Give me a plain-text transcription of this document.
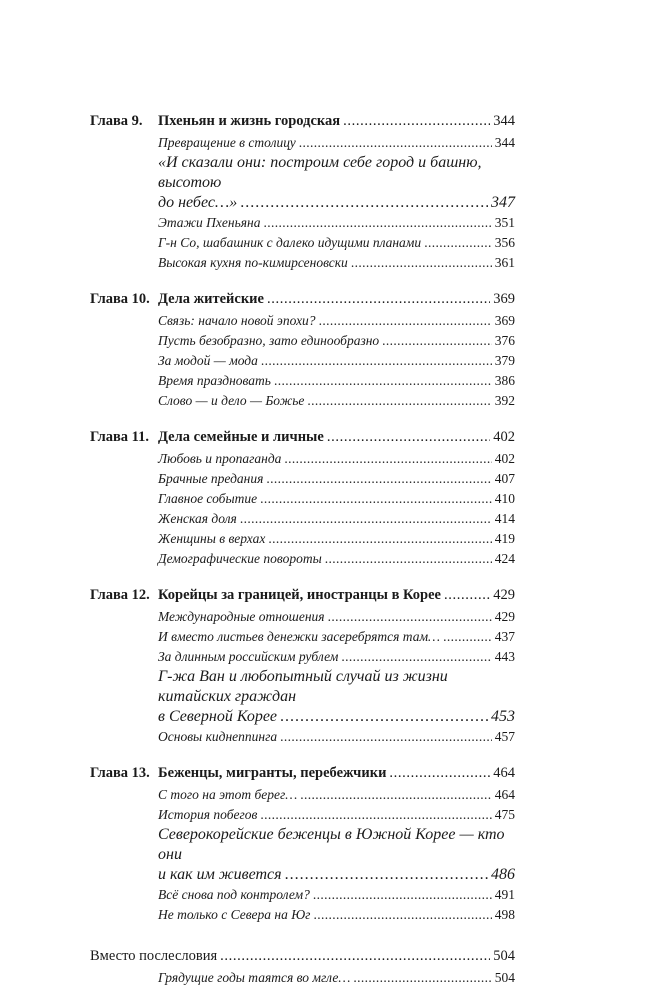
Глава 9.	Пхеньян и жизнь городская . . .	344
Превращение в столицу . . .	344
«И сказали они: построим себе город и башню, высотою
до небес…» . . .	347
Этажи Пхеньяна . . .	351
Г-н Со, шабашник с далеко идущими планами . . .	356
Высокая кухня по-кимирсеновски . . .	361
Глава 10. Дела житейские . . .	369
Связь: начало новой эпохи? . . .	369
Пусть безобразно, зато единообразно . . .	376
За модой — мода . . .	379
Время праздновать . . .	386
Слово — и дело — Божье . . .	392
Глава 11. Дела семейные и личные . . .	402
Любовь и пропаганда . . .	402
Брачные предания . . .	407
Главное событие . . .	410
Женская доля . . .	414
Женщины в верхах . . .	419
Демографические повороты . . .	424
Глава 12. Корейцы за границей, иностранцы в Корее . . .	429
Международные отношения . . .	429
И вместо листьев денежки засеребрятся там… . . .	437
За длинным российским рублем . . .	443
Г-жа Ван и любопытный случай из жизни китайских граждан
в Северной Корее . . .	453
Основы киднеппинга . . .	457
Глава 13. Беженцы, мигранты, перебежчики . . .	464
С того на этот берег… . . .	464
История побегов . . .	475
Северокорейские беженцы в Южной Корее — кто они
и как им живется . . .	486
Всё снова под контролем? . . .	491
Не только с Севера на Юг . . .	498
Вместо послесловия . . .	504
Грядущие годы таятся во мгле… . . .	504
